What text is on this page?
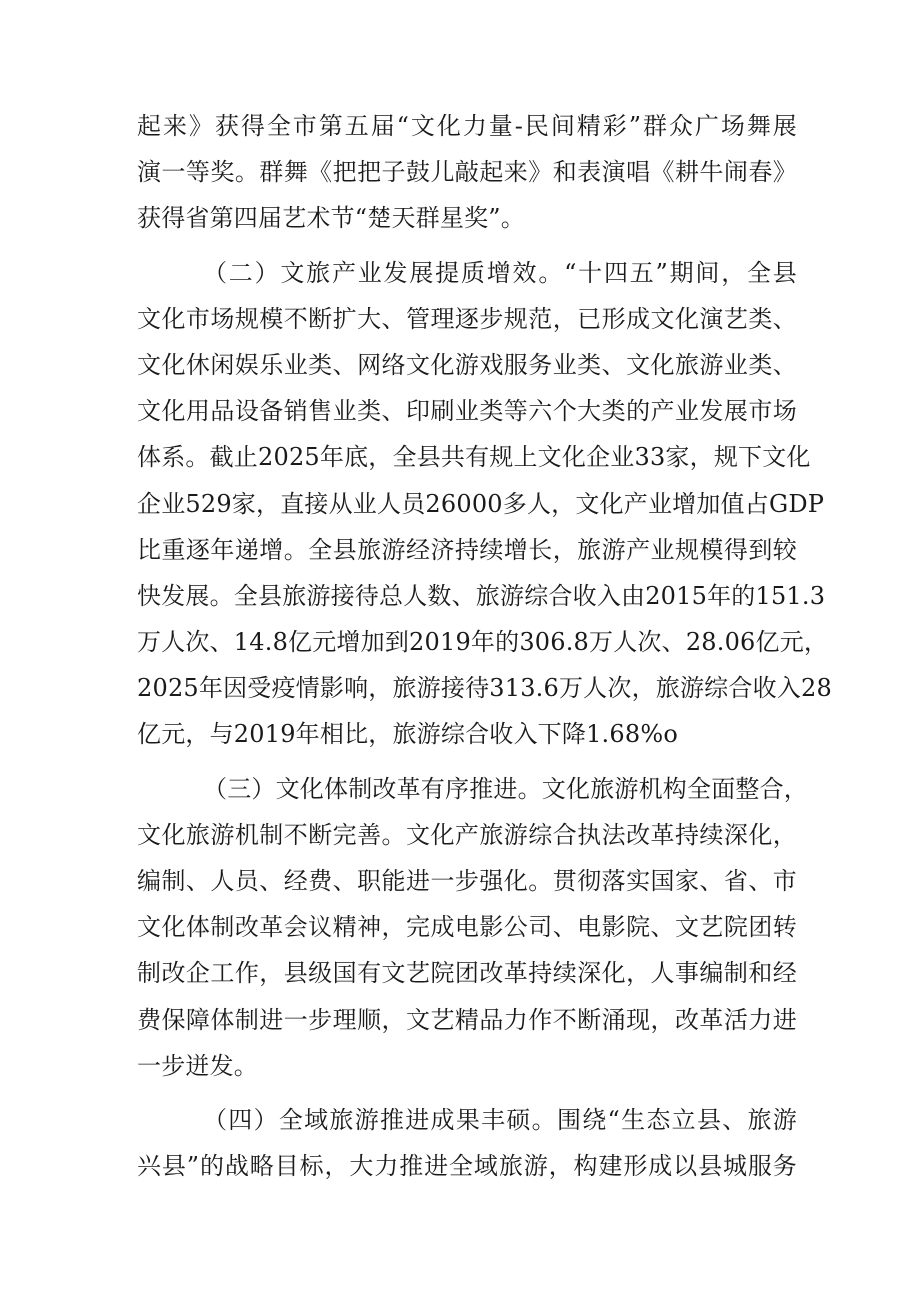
起来》获得全市第五届“文化力量-民间精彩”群众广场舞展
演一等奖。群舞《把把子鼓儿敲起来》和表演唱《耕牛闹春》
获得省第四届艺术节“楚天群星奖”。
（二）文旅产业发展提质增效。“十四五”期间，全县
文化市场规模不断扩大、管理逐步规范，已形成文化演艺类、
文化休闲娱乐业类、网络文化游戏服务业类、文化旅游业类、
文化用品设备销售业类、印刷业类等六个大类的产业发展市场
体系。截止2025年底，全县共有规上文化企业33家，规下文化
企业529家，直接从业人员26000多人，文化产业增加值占GDP
比重逐年递增。全县旅游经济持续增长，旅游产业规模得到较
快发展。全县旅游接待总人数、旅游综合收入由2015年的151.3
万人次、14.8亿元增加到2019年的306.8万人次、28.06亿元，
2025年因受疫情影响，旅游接待313.6万人次，旅游综合收入28
亿元，与2019年相比，旅游综合收入下降1.68%o
（三）文化体制改革有序推进。文化旅游机构全面整合，
文化旅游机制不断完善。文化产旅游综合执法改革持续深化，
编制、人员、经费、职能进一步强化。贯彻落实国家、省、市
文化体制改革会议精神，完成电影公司、电影院、文艺院团转
制改企工作，县级国有文艺院团改革持续深化，人事编制和经
费保障体制进一步理顺，文艺精品力作不断涌现，改革活力进
一步迸发。
（四）全域旅游推进成果丰硕。围绕“生态立县、旅游
兴县”的战略目标，大力推进全域旅游，构建形成以县城服务
